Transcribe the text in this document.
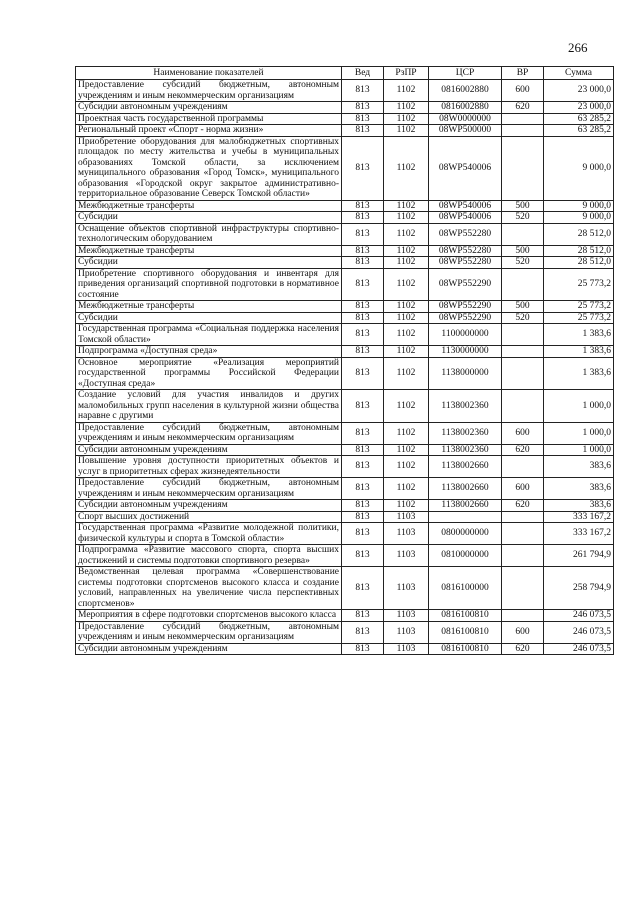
266
Наименование показателей	Вед	РзПР	ЦСР	ВР	Сумма
Предоставление субсидий бюджетным, автономным учреждениям и иным некоммерческим организациям	813	1102	0816002880	600	23 000,0
Субсидии автономным учреждениям	813	1102	0816002880	620	23 000,0
Проектная часть государственной программы	813	1102	08W0000000		63 285,2
Региональный проект «Спорт - норма жизни»	813	1102	08WP500000		63 285,2
Приобретение оборудования для малобюджетных спортивных площадок по месту жительства и учебы в муниципальных образованиях Томской области, за исключением муниципального образования «Город Томск», муниципального образования «Городской округ закрытое административно-территориальное образование Северск Томской области»	813	1102	08WP540006		9 000,0
Межбюджетные трансферты	813	1102	08WP540006	500	9 000,0
Субсидии	813	1102	08WP540006	520	9 000,0
Оснащение объектов спортивной инфраструктуры спортивно-технологическим оборудованием	813	1102	08WP552280		28 512,0
Межбюджетные трансферты	813	1102	08WP552280	500	28 512,0
Субсидии	813	1102	08WP552280	520	28 512,0
Приобретение спортивного оборудования и инвентаря для приведения организаций спортивной подготовки в нормативное состояние	813	1102	08WP552290		25 773,2
Межбюджетные трансферты	813	1102	08WP552290	500	25 773,2
Субсидии	813	1102	08WP552290	520	25 773,2
Государственная программа «Социальная поддержка населения Томской области»	813	1102	1100000000		1 383,6
Подпрограмма «Доступная среда»	813	1102	1130000000		1 383,6
Основное мероприятие «Реализация мероприятий государственной программы Российской Федерации «Доступная среда»	813	1102	1138000000		1 383,6
Создание условий для участия инвалидов и других маломобильных групп населения в культурной жизни общества наравне с другими	813	1102	1138002360		1 000,0
Предоставление субсидий бюджетным, автономным учреждениям и иным некоммерческим организациям	813	1102	1138002360	600	1 000,0
Субсидии автономным учреждениям	813	1102	1138002360	620	1 000,0
Повышение уровня доступности приоритетных объектов и услуг в приоритетных сферах жизнедеятельности	813	1102	1138002660		383,6
Предоставление субсидий бюджетным, автономным учреждениям и иным некоммерческим организациям	813	1102	1138002660	600	383,6
Субсидии автономным учреждениям	813	1102	1138002660	620	383,6
Спорт высших достижений	813	1103			333 167,2
Государственная программа «Развитие молодежной политики, физической культуры и спорта в Томской области»	813	1103	0800000000		333 167,2
Подпрограмма «Развитие массового спорта, спорта высших достижений и системы подготовки спортивного резерва»	813	1103	0810000000		261 794,9
Ведомственная целевая программа «Совершенствование системы подготовки спортсменов высокого класса и создание условий, направленных на увеличение числа перспективных спортсменов»	813	1103	0816100000		258 794,9
Мероприятия в сфере подготовки спортсменов высокого класса	813	1103	0816100810		246 073,5
Предоставление субсидий бюджетным, автономным учреждениям и иным некоммерческим организациям	813	1103	0816100810	600	246 073,5
Субсидии автономным учреждениям	813	1103	0816100810	620	246 073,5
